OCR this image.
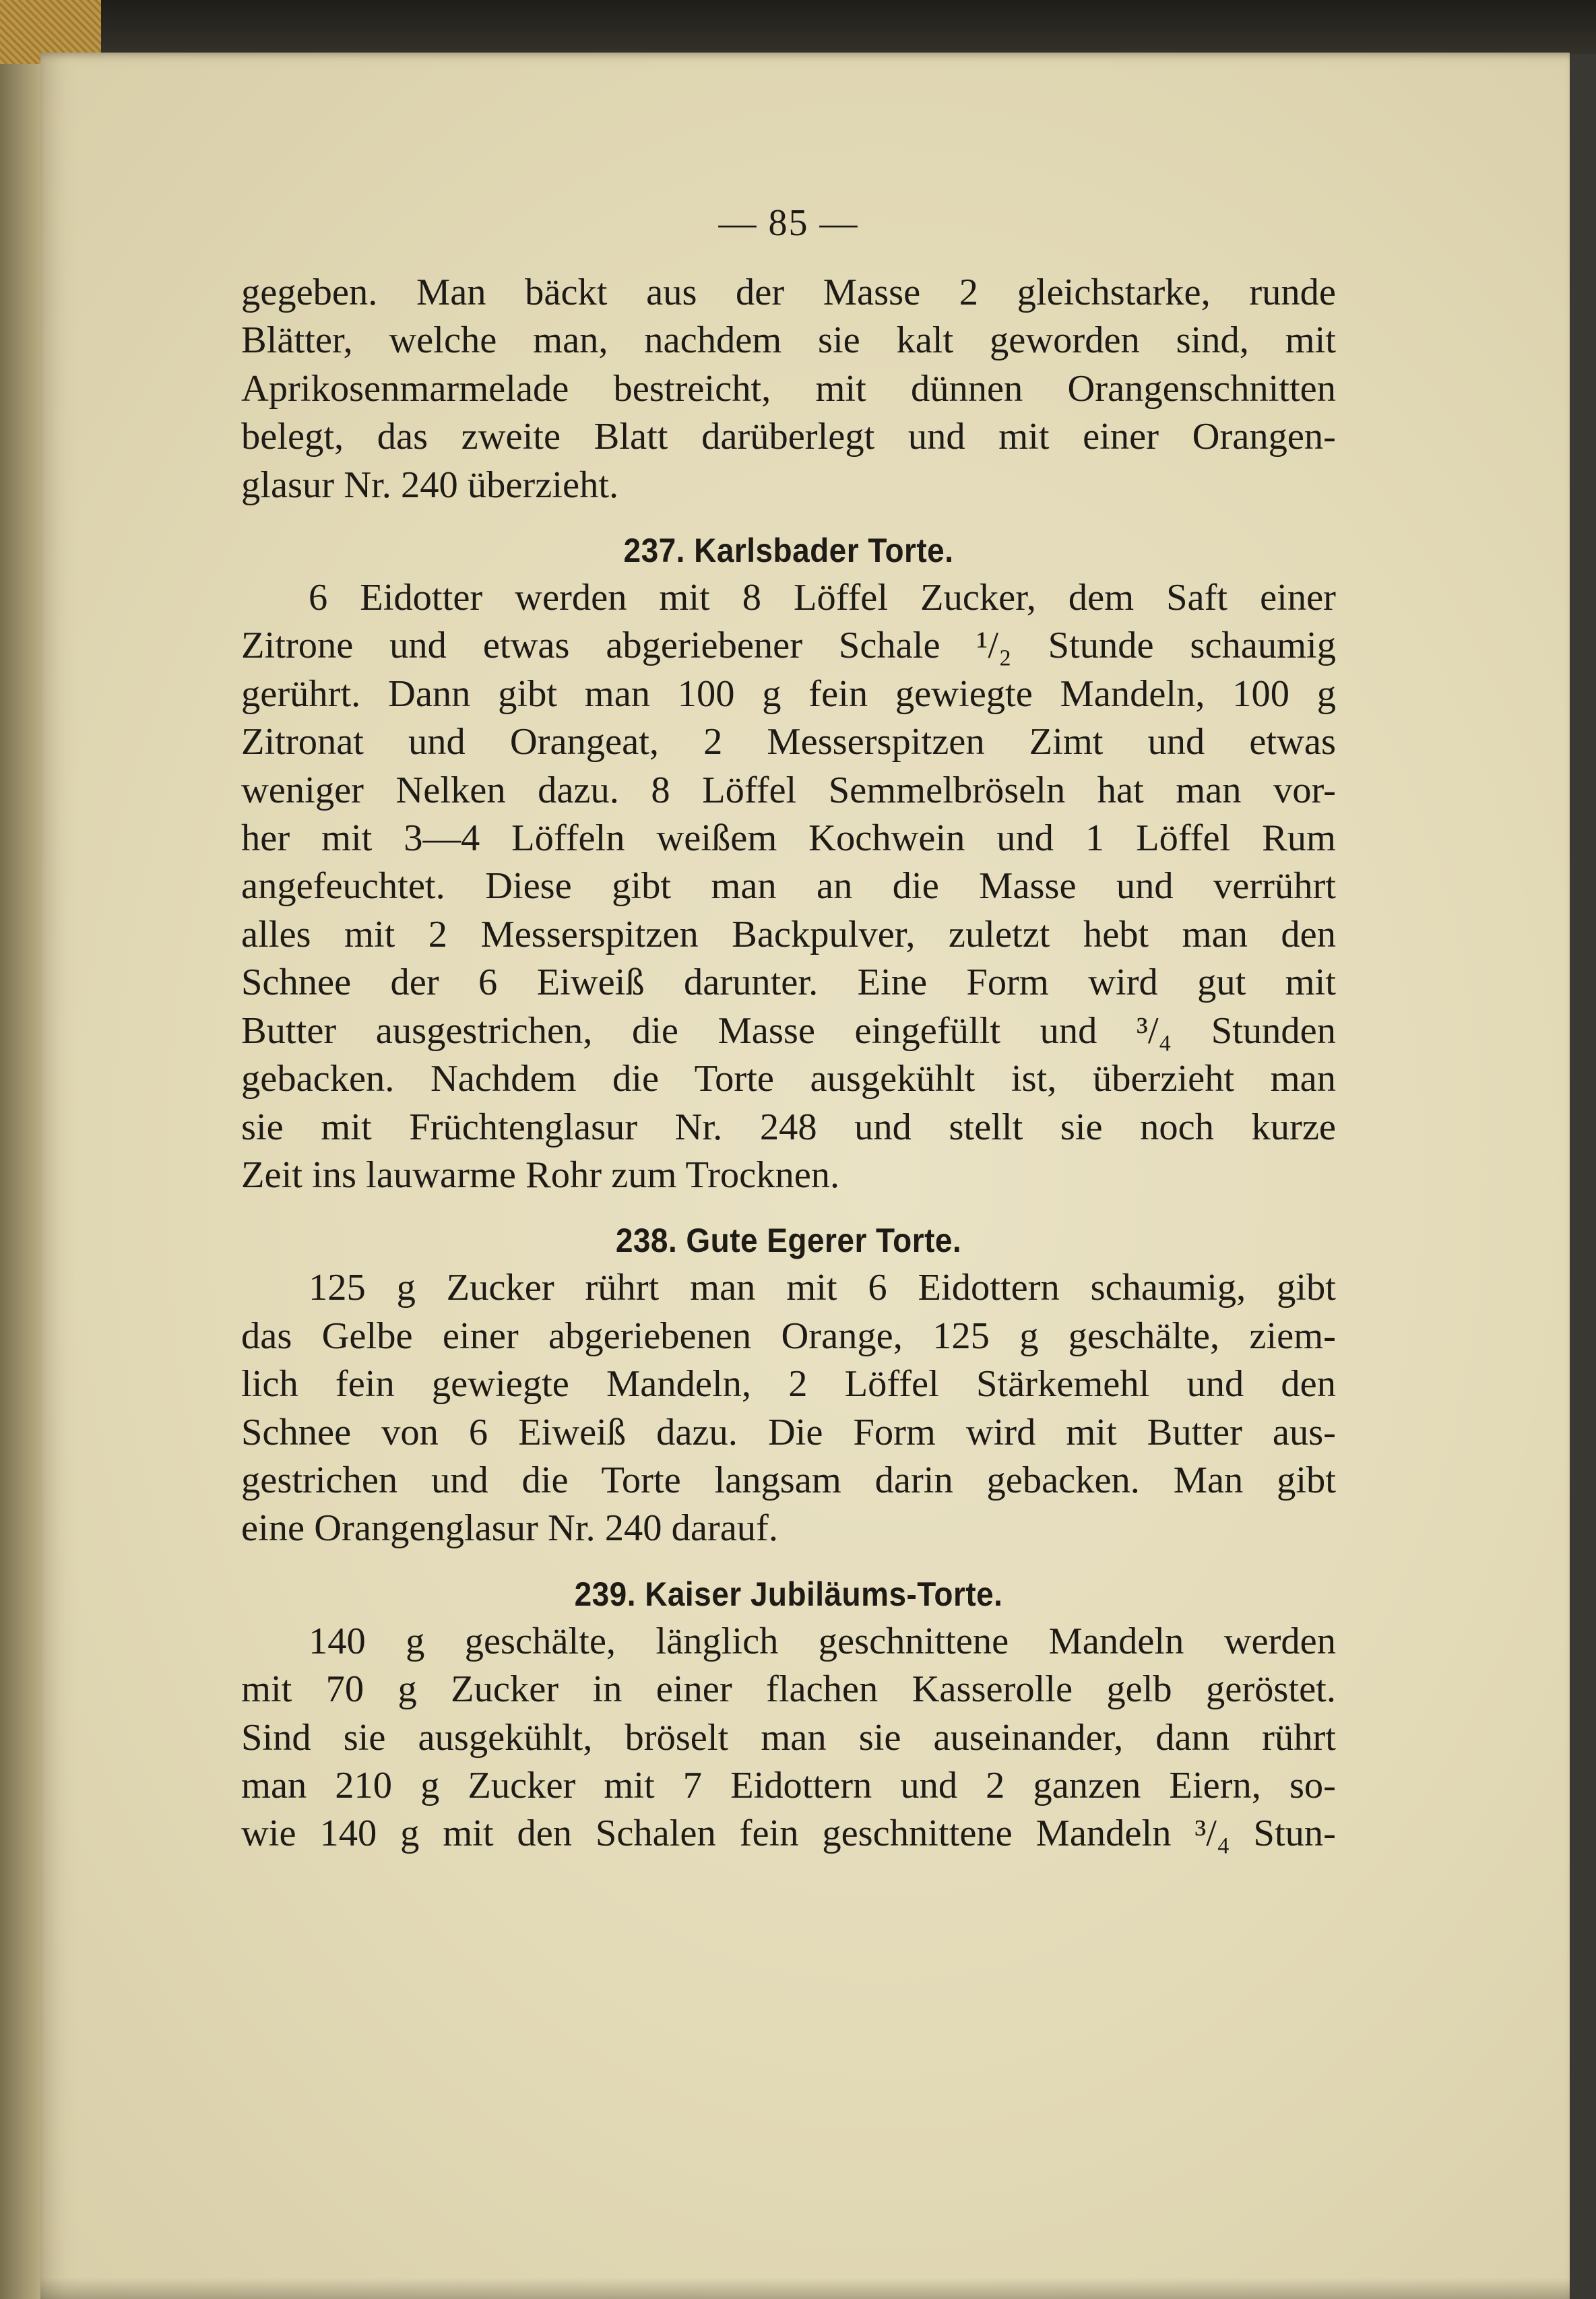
— 85 —
gegeben. Man bäckt aus der Masse 2 gleichstarke, runde
Blätter, welche man, nachdem sie kalt geworden sind, mit
Aprikosenmarmelade bestreicht, mit dünnen Orangenschnitten
belegt, das zweite Blatt darüberlegt und mit einer Orangen-
glasur Nr. 240 überzieht.
237. Karlsbader Torte.
6 Eidotter werden mit 8 Löffel Zucker, dem Saft einer
Zitrone und etwas abgeriebener Schale ¹/₂ Stunde schaumig
gerührt. Dann gibt man 100 g fein gewiegte Mandeln, 100 g
Zitronat und Orangeat, 2 Messerspitzen Zimt und etwas
weniger Nelken dazu. 8 Löffel Semmelbröseln hat man vor-
her mit 3—4 Löffeln weißem Kochwein und 1 Löffel Rum
angefeuchtet. Diese gibt man an die Masse und verrührt
alles mit 2 Messerspitzen Backpulver, zuletzt hebt man den
Schnee der 6 Eiweiß darunter. Eine Form wird gut mit
Butter ausgestrichen, die Masse eingefüllt und ³/₄ Stunden
gebacken. Nachdem die Torte ausgekühlt ist, überzieht man
sie mit Früchtenglasur Nr. 248 und stellt sie noch kurze
Zeit ins lauwarme Rohr zum Trocknen.
238. Gute Egerer Torte.
125 g Zucker rührt man mit 6 Eidottern schaumig, gibt
das Gelbe einer abgeriebenen Orange, 125 g geschälte, ziem-
lich fein gewiegte Mandeln, 2 Löffel Stärkemehl und den
Schnee von 6 Eiweiß dazu. Die Form wird mit Butter aus-
gestrichen und die Torte langsam darin gebacken. Man gibt
eine Orangenglasur Nr. 240 darauf.
239. Kaiser Jubiläums-Torte.
140 g geschälte, länglich geschnittene Mandeln werden
mit 70 g Zucker in einer flachen Kasserolle gelb geröstet.
Sind sie ausgekühlt, bröselt man sie auseinander, dann rührt
man 210 g Zucker mit 7 Eidottern und 2 ganzen Eiern, so-
wie 140 g mit den Schalen fein geschnittene Mandeln ³/₄ Stun-
